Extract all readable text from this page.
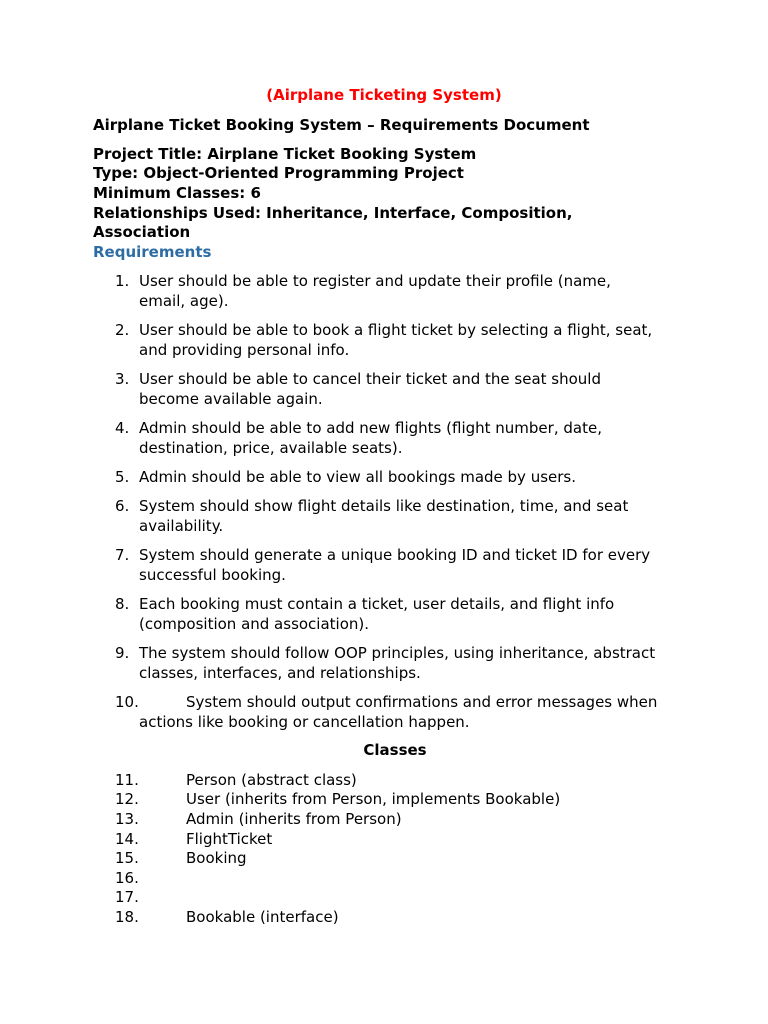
(Airplane Ticketing System)
Airplane Ticket Booking System – Requirements Document
Project Title: Airplane Ticket Booking System
Type: Object-Oriented Programming Project
Minimum Classes: 6
Relationships Used: Inheritance, Interface, Composition,
Association
Requirements
1. User should be able to register and update their profile (name,
email, age).
2. User should be able to book a flight ticket by selecting a flight, seat,
and providing personal info.
3. User should be able to cancel their ticket and the seat should
become available again.
4. Admin should be able to add new flights (flight number, date,
destination, price, available seats).
5. Admin should be able to view all bookings made by users.
6. System should show flight details like destination, time, and seat
availability.
7. System should generate a unique booking ID and ticket ID for every
successful booking.
8. Each booking must contain a ticket, user details, and flight info
(composition and association).
9. The system should follow OOP principles, using inheritance, abstract
classes, interfaces, and relationships.
10.	System should output confirmations and error messages when
actions like booking or cancellation happen.
Classes
11.	Person (abstract class)
12.	User (inherits from Person, implements Bookable)
13.	Admin (inherits from Person)
14.	FlightTicket
15.	Booking
16.
17.
18.	Bookable (interface)
